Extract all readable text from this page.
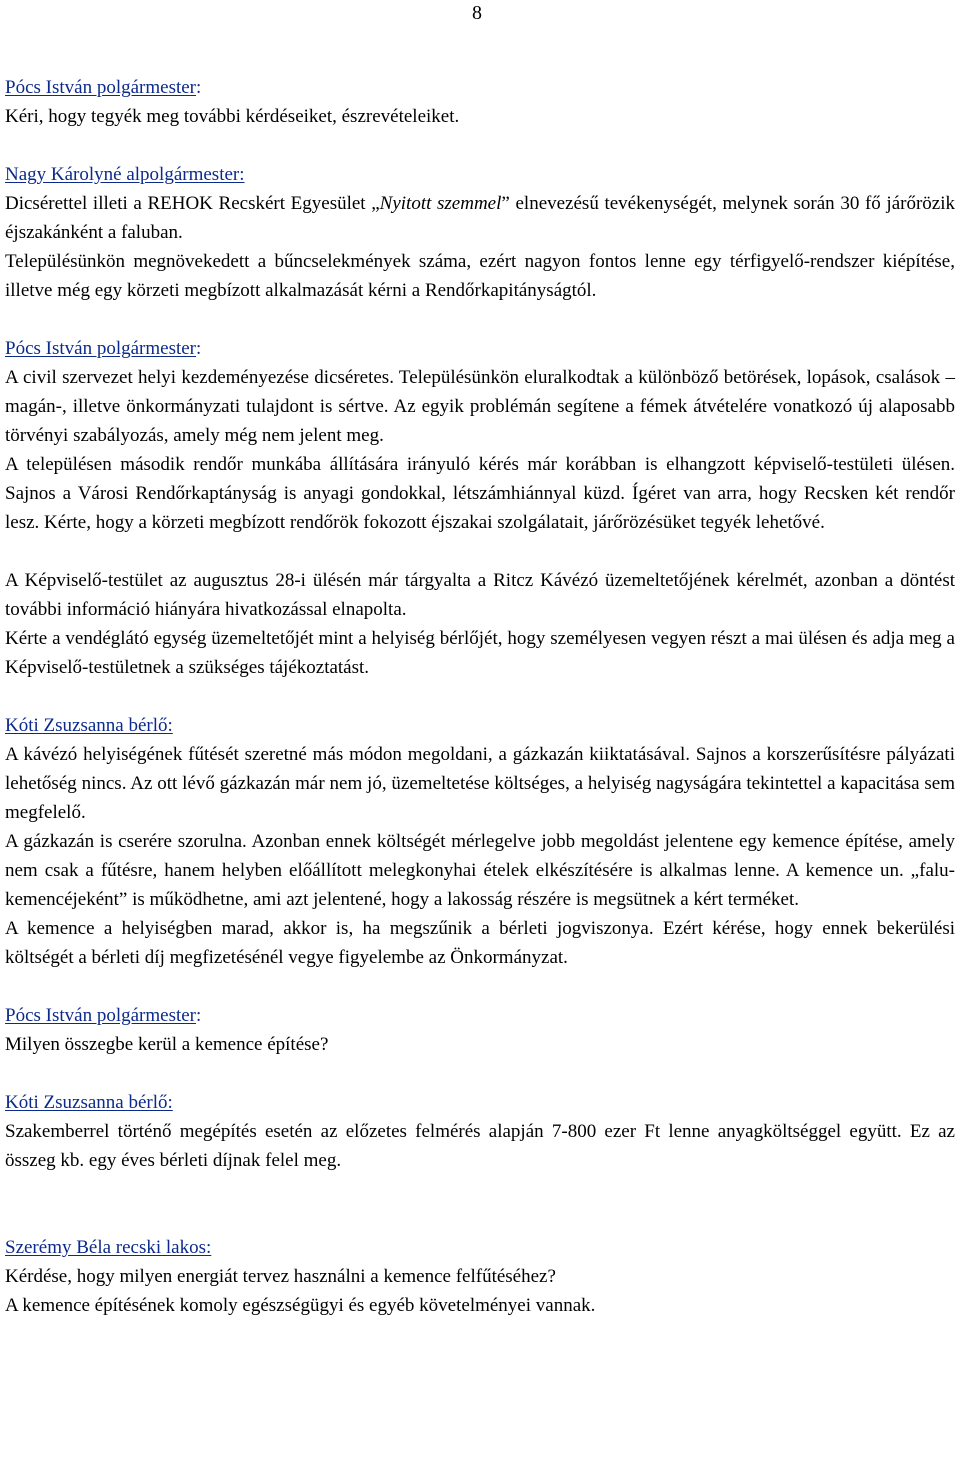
8

Pócs István polgármester:

Kéri, hogy tegyék meg további kérdéseiket, észrevételeiket.

Nagy Károlyné alpolgármester:

Dicsérettel illeti a REHOK Recskért Egyesület „Nyitott szemmel” elnevezésű tevékenységét, melynek során 30 fő járőrözik éjszakánként a faluban.

Településünkön megnövekedett a bűncselekmények száma, ezért nagyon fontos lenne egy térfigyelő-rendszer kiépítése, illetve még egy körzeti megbízott alkalmazását kérni a Rendőrkapitányságtól.

Pócs István polgármester:

A civil szervezet helyi kezdeményezése dicséretes. Településünkön eluralkodtak a különböző betörések, lopások, csalások – magán-, illetve önkormányzati tulajdont is sértve. Az egyik problémán segítene a fémek átvételére vonatkozó új alaposabb törvényi szabályozás, amely még nem jelent meg.

A településen második rendőr munkába állítására irányuló kérés már korábban is elhangzott képviselő-testületi ülésen. Sajnos a Városi Rendőrkaptányság is anyagi gondokkal, létszámhiánnyal küzd. Ígéret van arra, hogy Recsken két rendőr lesz. Kérte, hogy a körzeti megbízott rendőrök fokozott éjszakai szolgálatait, járőrözésüket tegyék lehetővé.

A Képviselő-testület az augusztus 28-i ülésén már tárgyalta a Ritcz Kávézó üzemeltetőjének kérelmét, azonban a döntést további információ hiányára hivatkozással elnapolta.

Kérte a vendéglátó egység üzemeltetőjét mint a helyiség bérlőjét, hogy személyesen vegyen részt a mai ülésen és adja meg a Képviselő-testületnek a szükséges tájékoztatást.

Kóti Zsuzsanna bérlő:

A kávézó helyiségének fűtését szeretné más módon megoldani, a gázkazán kiiktatásával. Sajnos a korszerűsítésre pályázati lehetőség nincs. Az ott lévő gázkazán már nem jó, üzemeltetése költséges, a helyiség nagyságára tekintettel a kapacitása sem megfelelő.

A gázkazán is cserére szorulna. Azonban ennek költségét mérlegelve jobb megoldást jelentene egy kemence építése, amely nem csak a fűtésre, hanem helyben előállított melegkonyhai ételek elkészítésére is alkalmas lenne. A kemence un. „falu-kemencéjeként” is működhetne, ami azt jelentené, hogy a lakosság részére is megsütnek a kért terméket.

A kemence a helyiségben marad, akkor is, ha megszűnik a bérleti jogviszonya. Ezért kérése, hogy ennek bekerülési költségét a bérleti díj megfizetésénél vegye figyelembe az Önkormányzat.

Pócs István polgármester:

Milyen összegbe kerül a kemence építése?

Kóti Zsuzsanna bérlő:

Szakemberrel történő megépítés esetén az előzetes felmérés alapján 7-800 ezer Ft lenne anyagköltséggel együtt. Ez az összeg kb. egy éves bérleti díjnak felel meg.

Szerémy Béla recski lakos:

Kérdése, hogy milyen energiát tervez használni a kemence felfűtéséhez?

A kemence építésének komoly egészségügyi és egyéb követelményei vannak.
